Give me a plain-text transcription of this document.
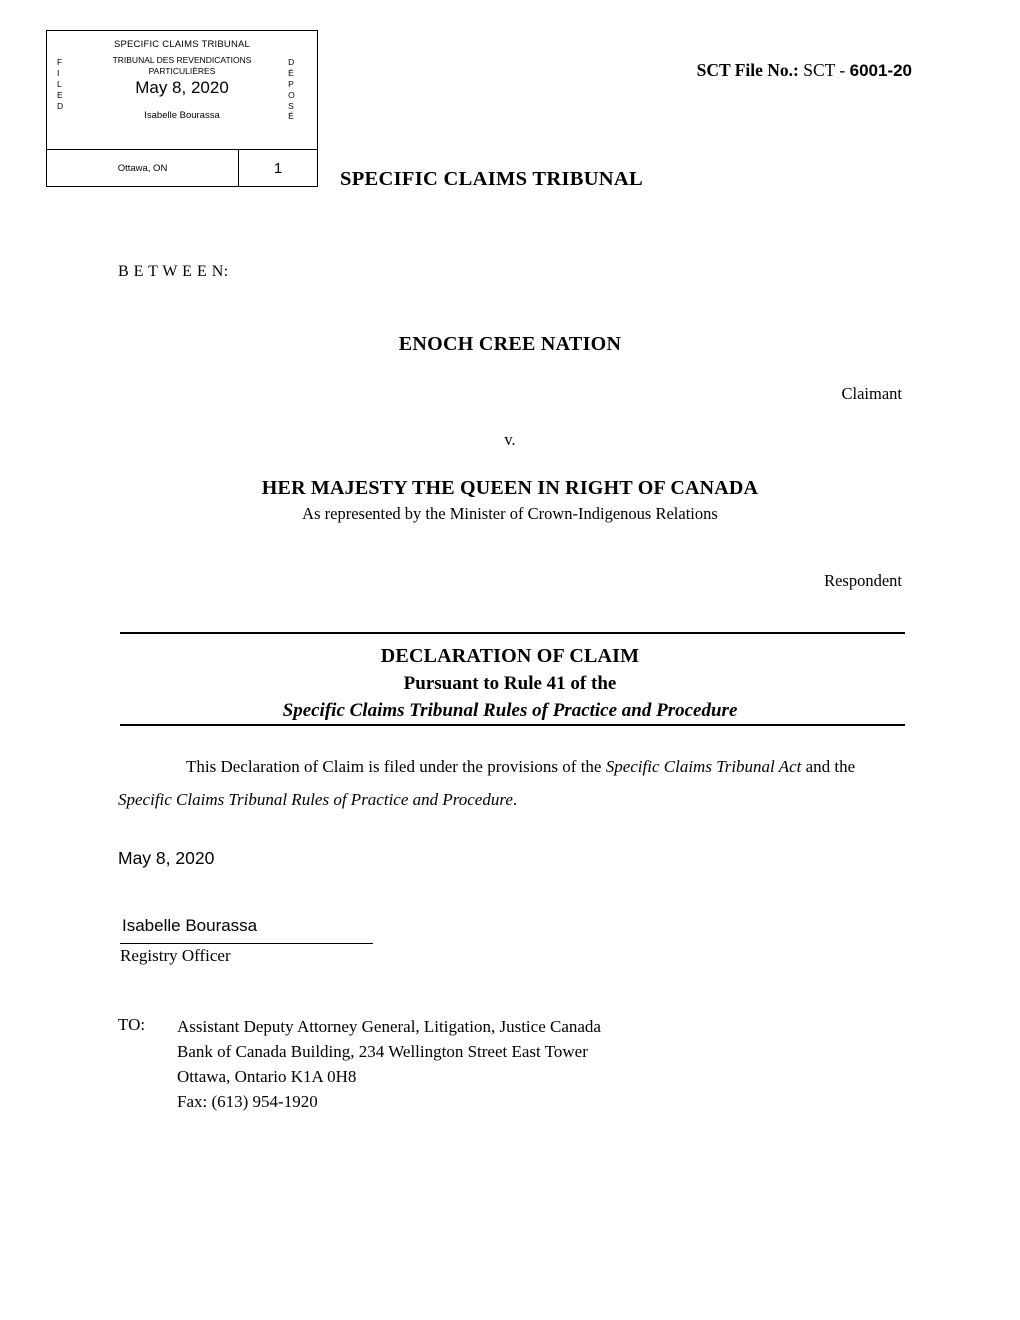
SPECIFIC CLAIMS TRIBUNAL
TRIBUNAL DES REVENDICATIONS
PARTICULIÈRES
F
I
L
E
D
D
É
P
O
S
É
May 8, 2020
Isabelle Bourassa
Ottawa, ON	1
SCT File No.: SCT - 6001-20
SPECIFIC CLAIMS TRIBUNAL
B E T W E E N:
ENOCH CREE NATION
Claimant
v.
HER MAJESTY THE QUEEN IN RIGHT OF CANADA
As represented by the Minister of Crown-Indigenous Relations
Respondent
DECLARATION OF CLAIM
Pursuant to Rule 41 of the
Specific Claims Tribunal Rules of Practice and Procedure
This Declaration of Claim is filed under the provisions of the Specific Claims Tribunal Act and the Specific Claims Tribunal Rules of Practice and Procedure.
May 8, 2020
Isabelle Bourassa
Registry Officer
TO: Assistant Deputy Attorney General, Litigation, Justice Canada
Bank of Canada Building, 234 Wellington Street East Tower
Ottawa, Ontario K1A 0H8
Fax: (613) 954-1920
